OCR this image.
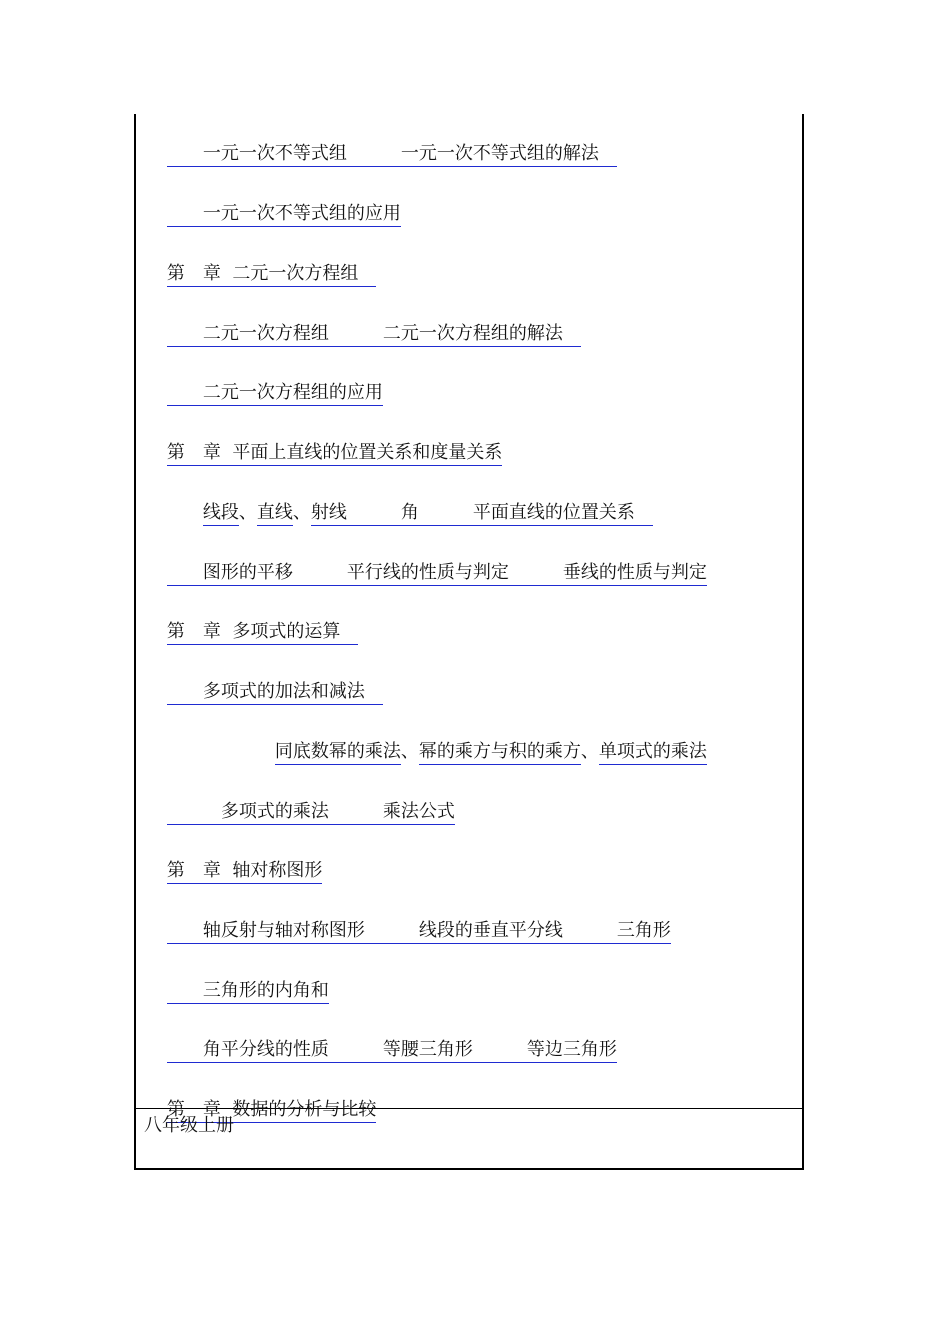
　　一元一次不等式组　　　一元一次不等式组的解法　

　　一元一次不等式组的应用

第　章  二元一次方程组　

　　二元一次方程组　　　二元一次方程组的解法　

　　二元一次方程组的应用

第　章  平面上直线的位置关系和度量关系

　　线段、直线、射线　　　角　　　平面直线的位置关系　

　　图形的平移　　　平行线的性质与判定　　　垂线的性质与判定

第　章  多项式的运算　

　　多项式的加法和减法　

　　　　　　同底数幂的乘法、幂的乘方与积的乘方、单项式的乘法

　　　多项式的乘法　　　乘法公式

第　章  轴对称图形

　　轴反射与轴对称图形　　　线段的垂直平分线　　　三角形

　　三角形的内角和

　　角平分线的性质　　　等腰三角形　　　等边三角形

第　章  数据的分析与比较

八年级上册
